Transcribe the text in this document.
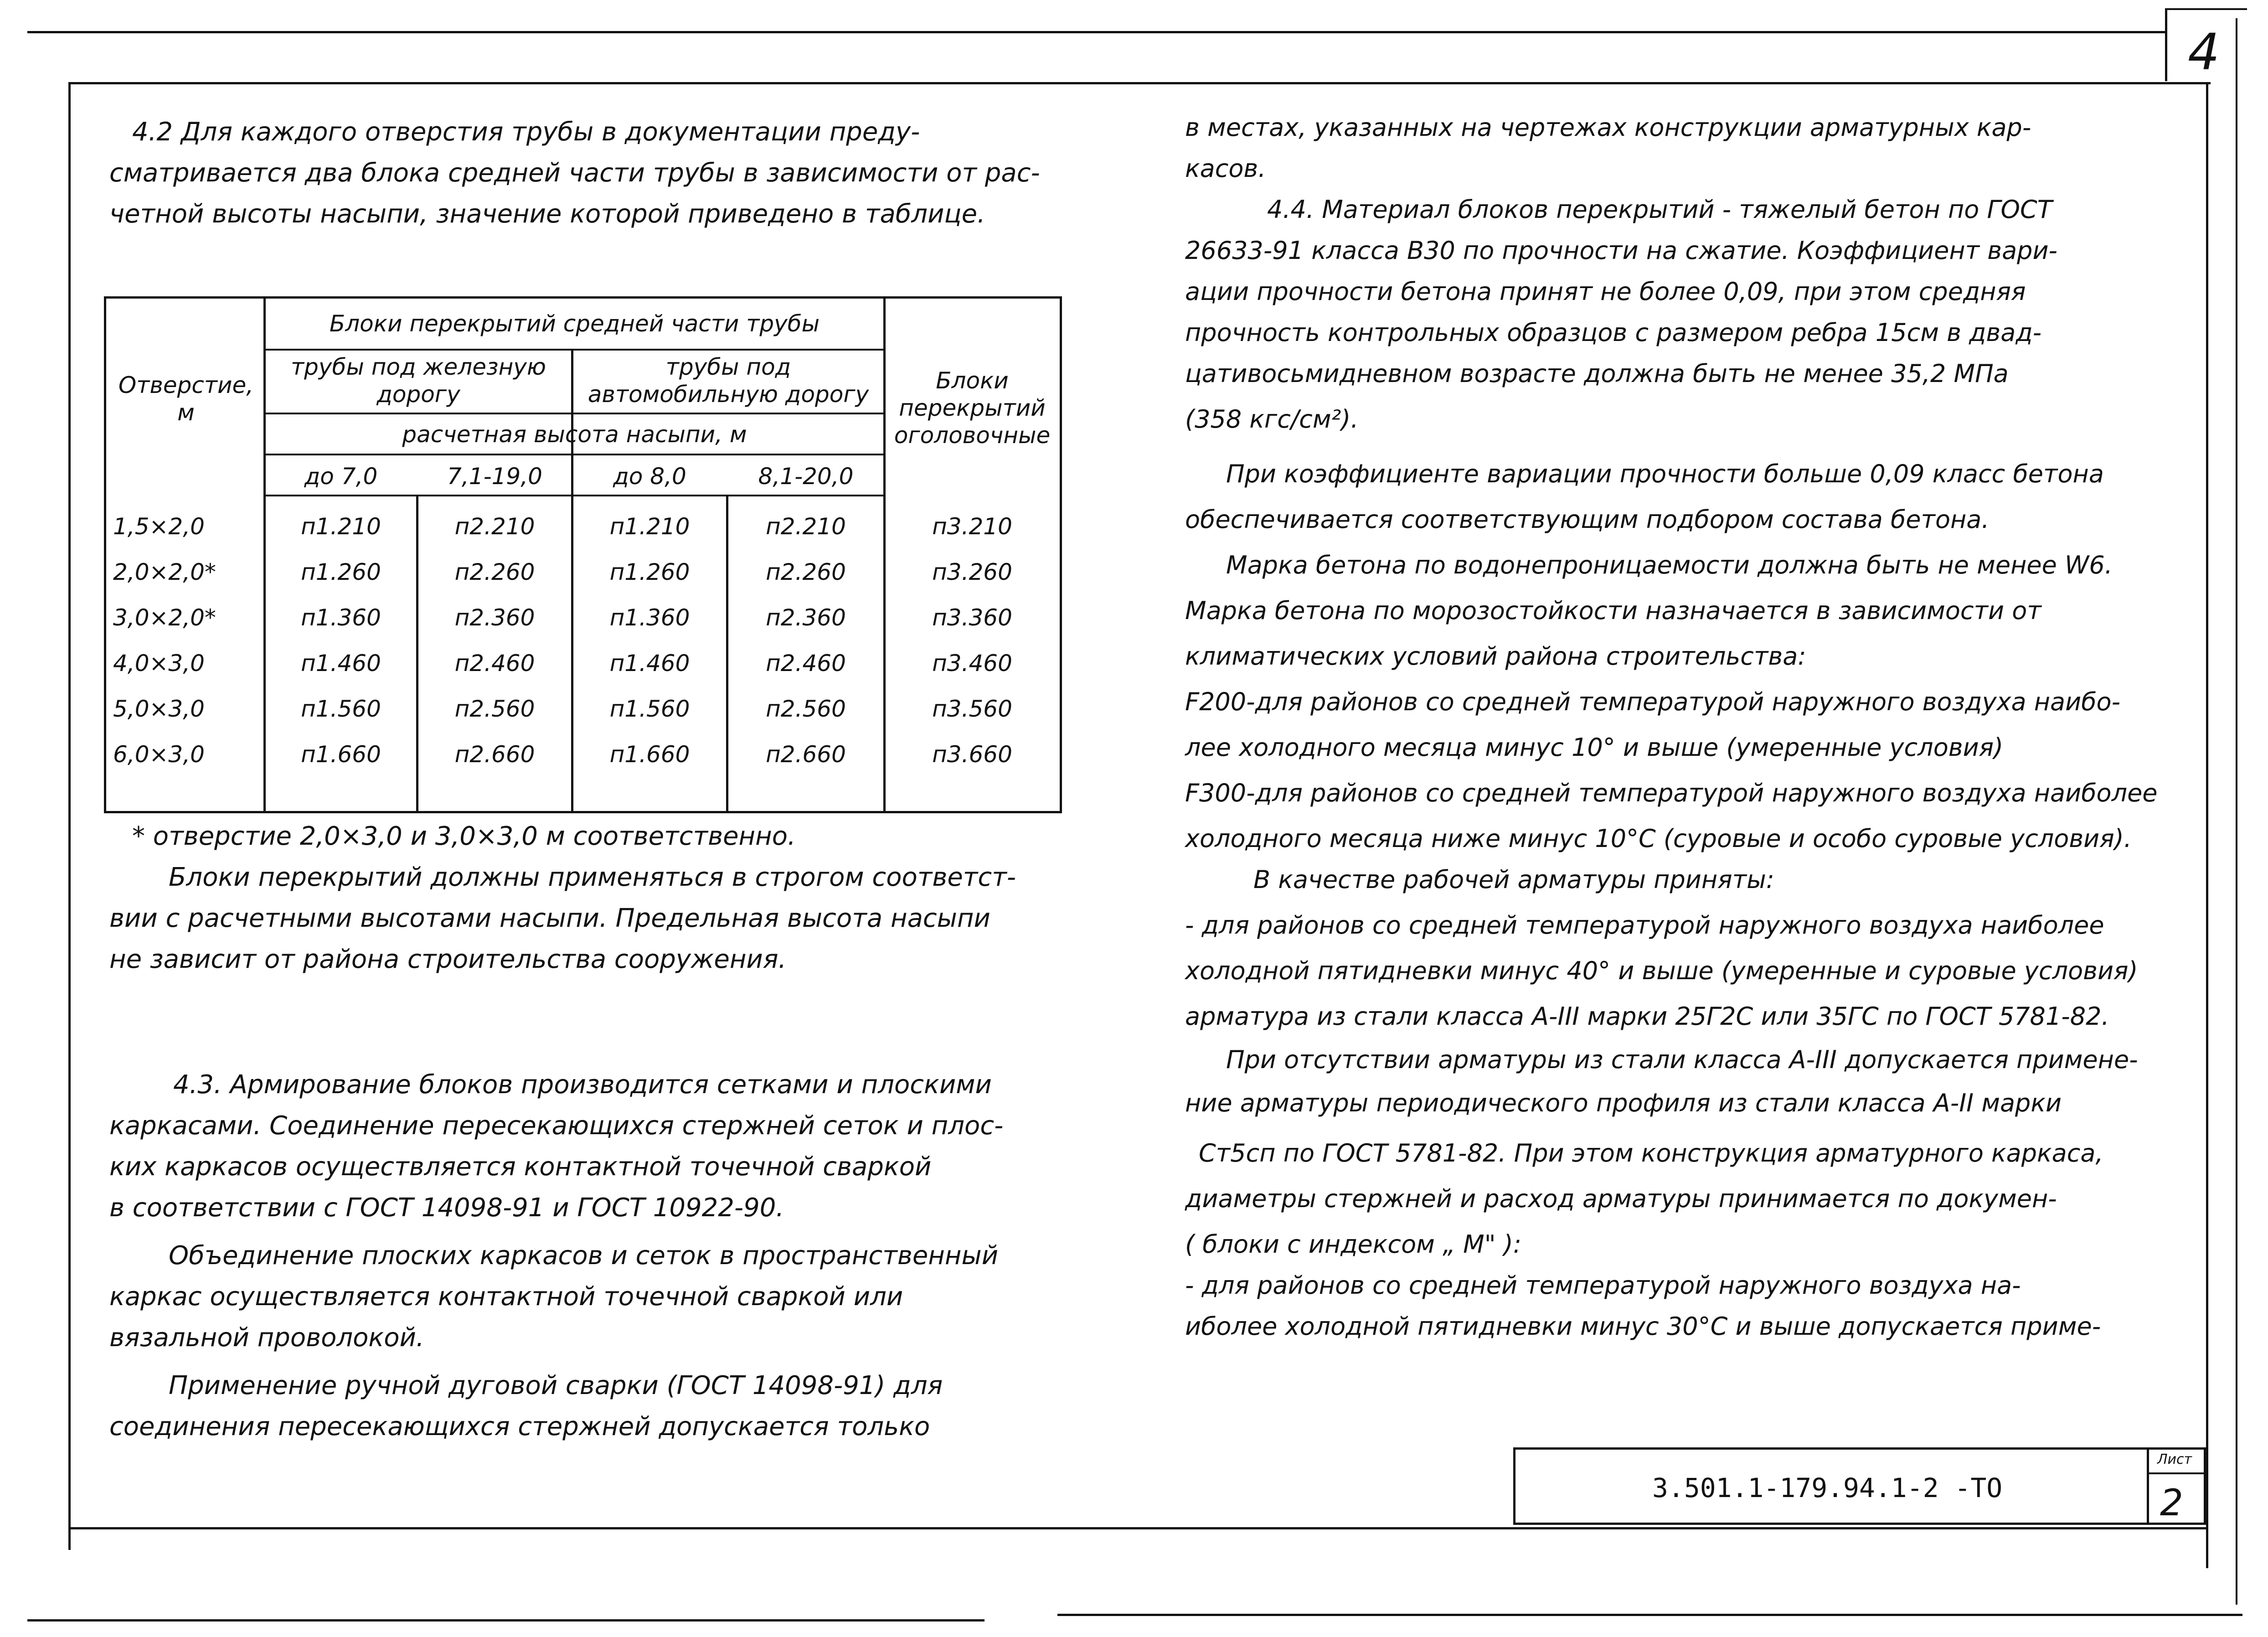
4
4.2 Для каждого отверстия трубы в документации преду-
сматривается два блока средней части трубы в зависимости от рас-
четной высоты насыпи, значение которой приведено в таблице.
Отверстие, м
Блоки перекрытий средней части трубы
трубы под железную дорогу
трубы под автомобильную дорогу
Блоки перекрытий оголовочные
расчетная высота насыпи, м
до 7,0	7,1-19,0	до 8,0	8,1-20,0
1,5×2,0	п1.210	п2.210	п1.210	п2.210	п3.210
2,0×2,0*	п1.260	п2.260	п1.260	п2.260	п3.260
3,0×2,0*	п1.360	п2.360	п1.360	п2.360	п3.360
4,0×3,0	п1.460	п2.460	п1.460	п2.460	п3.460
5,0×3,0	п1.560	п2.560	п1.560	п2.560	п3.560
6,0×3,0	п1.660	п2.660	п1.660	п2.660	п3.660
* отверстие 2,0×3,0 и 3,0×3,0 м соответственно.
Блоки перекрытий должны применяться в строгом соответст-
вии с расчетными высотами насыпи. Предельная высота насыпи
не зависит от района строительства сооружения.
4.3. Армирование блоков производится сетками и плоскими
каркасами. Соединение пересекающихся стержней сеток и плос-
ких каркасов осуществляется контактной точечной сваркой
в соответствии с ГОСТ 14098-91 и ГОСТ 10922-90.
Объединение плоских каркасов и сеток в пространственный
каркас осуществляется контактной точечной сваркой или
вязальной проволокой.
Применение ручной дуговой сварки (ГОСТ 14098-91) для
соединения пересекающихся стержней допускается только
в местах, указанных на чертежах конструкции арматурных кар-
касов.
4.4. Материал блоков перекрытий - тяжелый бетон по ГОСТ
26633-91 класса В30 по прочности на сжатие. Коэффициент вари-
ации прочности бетона принят не более 0,09, при этом средняя
прочность контрольных образцов с размером ребра 15см в двад-
цативосьмидневном возрасте должна быть не менее 35,2 МПа
(358 кгс/см²).
При коэффициенте вариации прочности больше 0,09 класс бетона
обеспечивается соответствующим подбором состава бетона.
Марка бетона по водонепроницаемости должна быть не менее W6.
Марка бетона по морозостойкости назначается в зависимости от
климатических условий района строительства:
F200-для районов со средней температурой наружного воздуха наибо-
лее холодного месяца минус 10° и выше (умеренные условия)
F300-для районов со средней температурой наружного воздуха наиболее
холодного месяца ниже минус 10°С (суровые и особо суровые условия).
В качестве рабочей арматуры приняты:
- для районов со средней температурой наружного воздуха наиболее
холодной пятидневки минус 40° и выше (умеренные и суровые условия)
арматура из стали класса А-III марки 25Г2С или 35ГС по ГОСТ 5781-82.
При отсутствии арматуры из стали класса А-III допускается примене-
ние арматуры периодического профиля из стали класса А-II марки
Ст5сп по ГОСТ 5781-82. При этом конструкция арматурного каркаса,
диаметры стержней и расход арматуры принимается по докумен-
( блоки с индексом „ М" ):
- для районов со средней температурой наружного воздуха на-
иболее холодной пятидневки минус 30°С и выше допускается приме-
3.501.1-179.94.1-2 -ТО
Лист
2
